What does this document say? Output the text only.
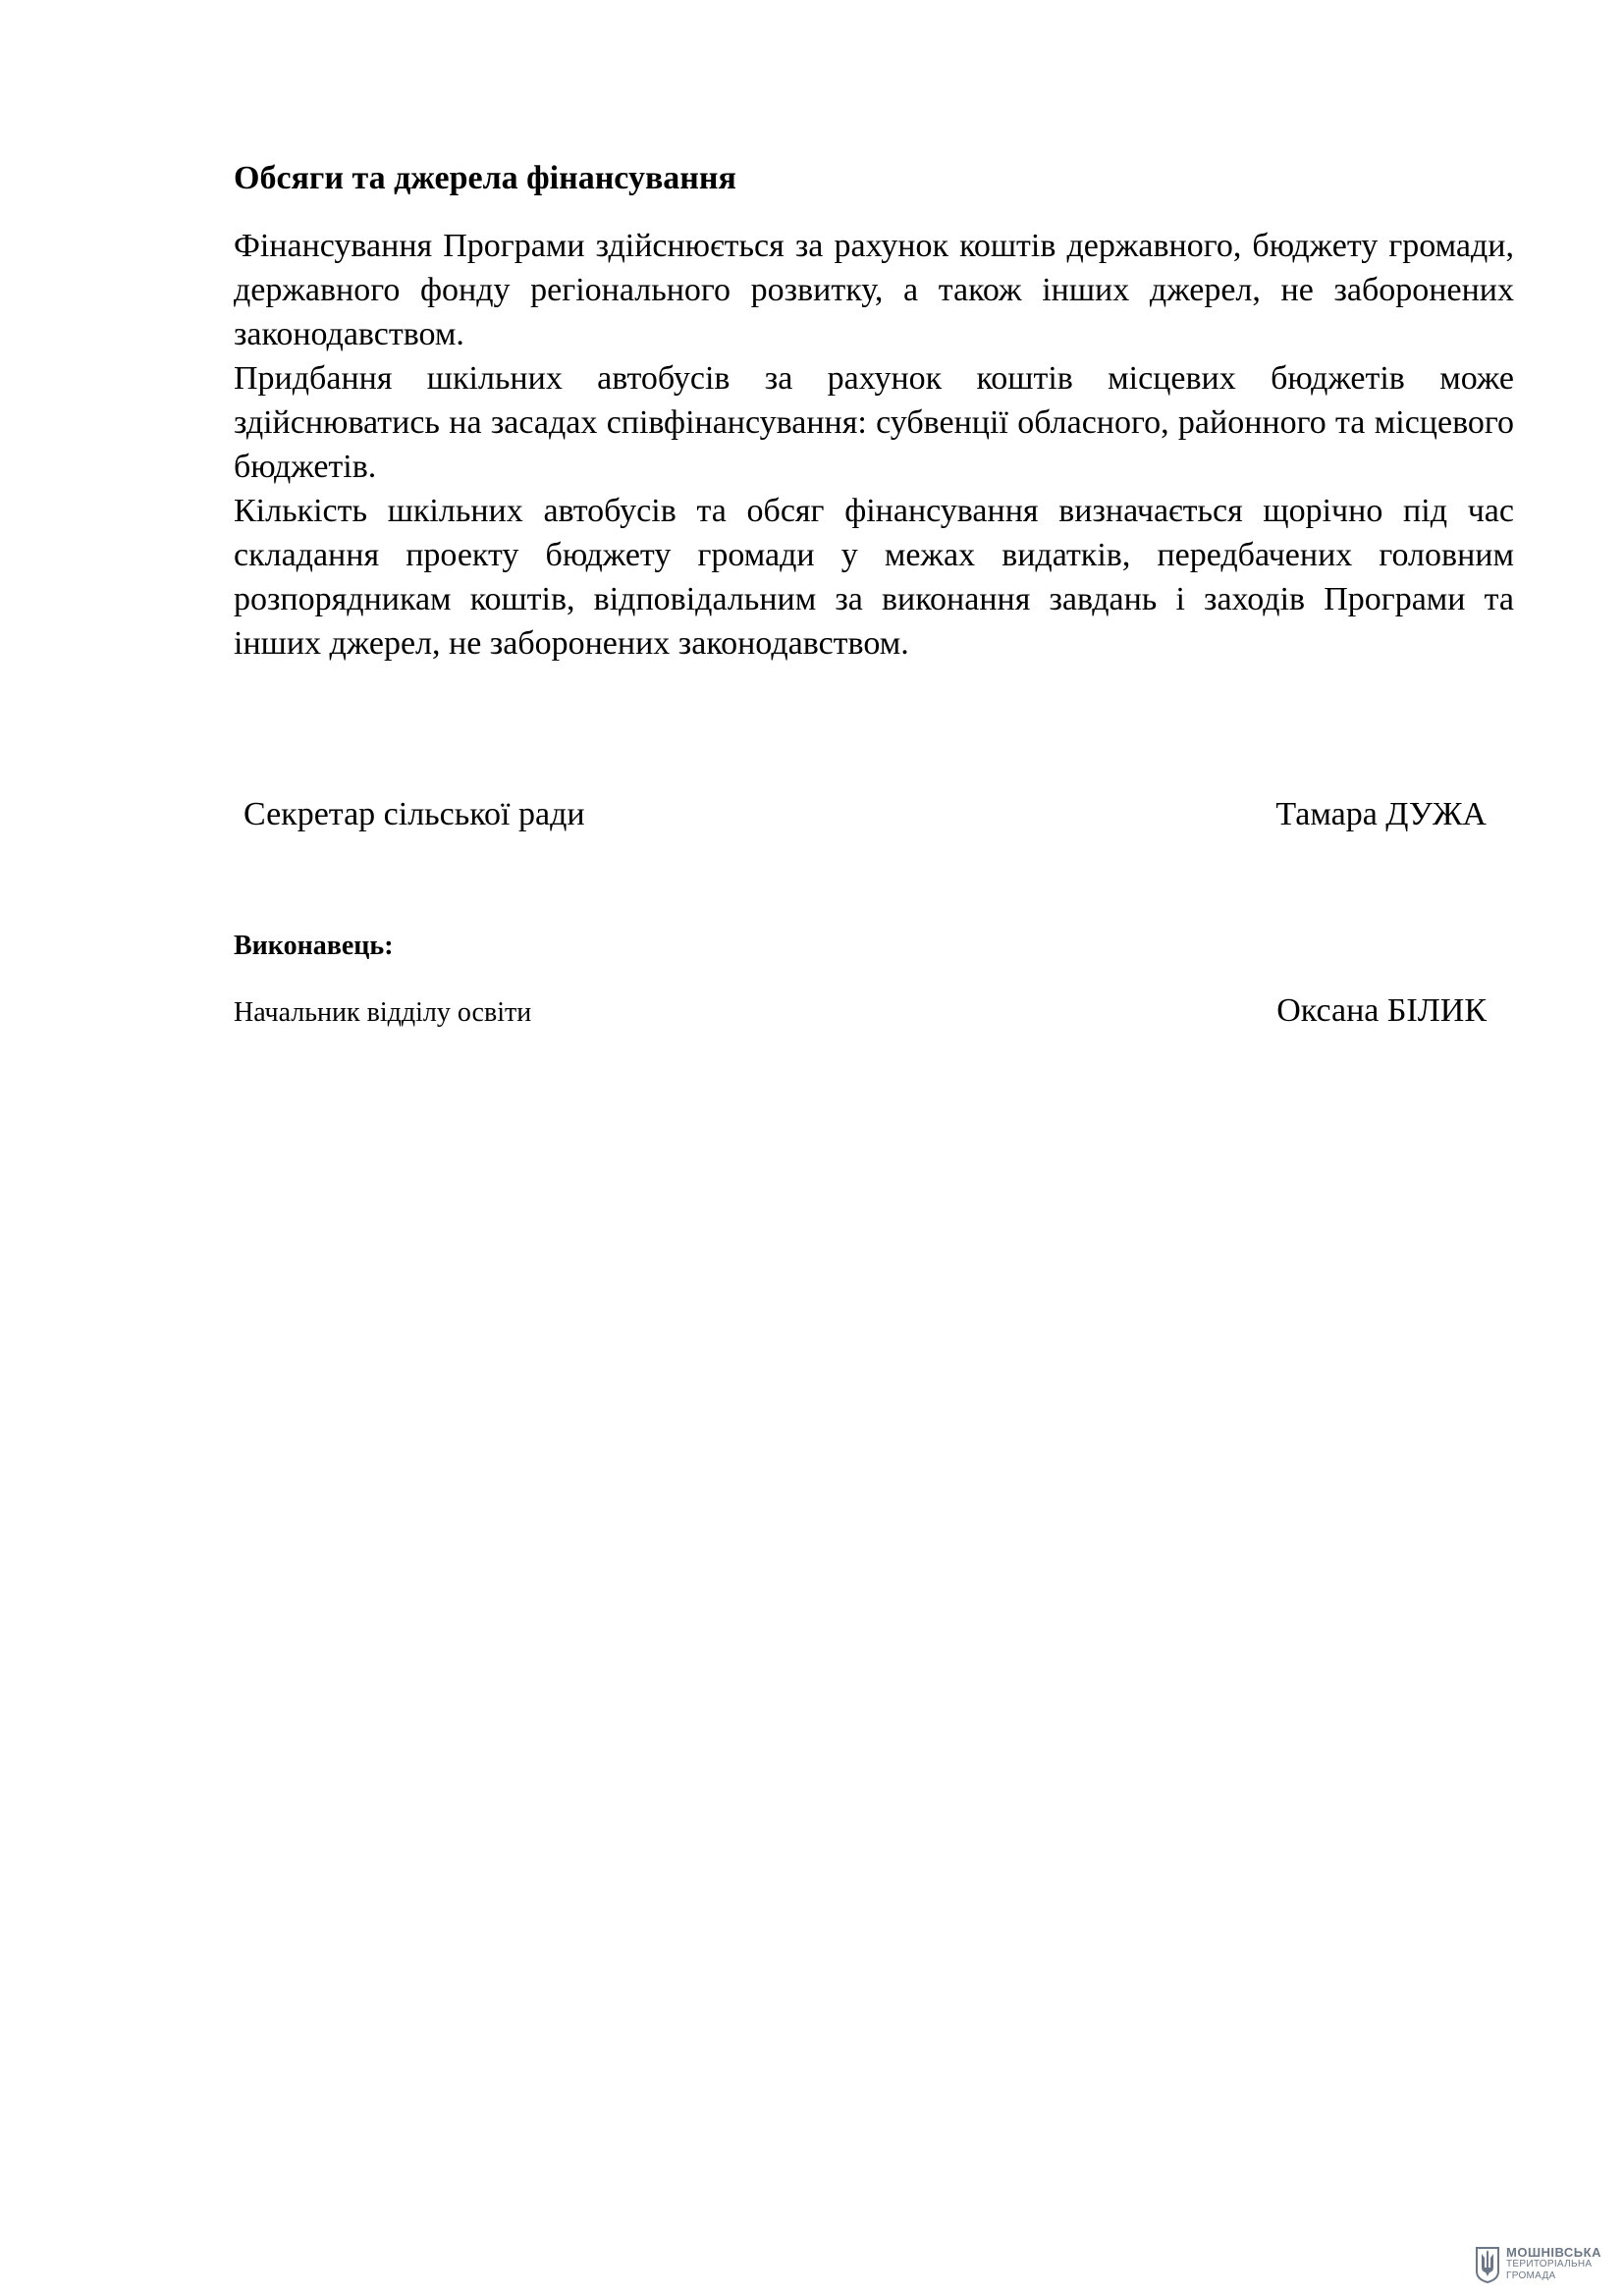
Обсяги та джерела фінансування

Фінансування Програми здійснюється за рахунок коштів державного, бюджету громади, державного фонду регіонального розвитку, а також інших джерел, не заборонених законодавством.

Придбання шкільних автобусів за рахунок коштів місцевих бюджетів може здійснюватись на засадах співфінансування: субвенції обласного, районного та місцевого бюджетів.

Кількість шкільних автобусів та обсяг фінансування визначається щорічно під час складання проекту бюджету громади у межах видатків, передбачених головним розпорядникам коштів, відповідальним за виконання завдань і заходів Програми та інших джерел, не заборонених законодавством.

Секретар сільської ради	Тамара ДУЖА
Виконавець:
Начальник відділу освіти	Оксана БІЛИК
МОШНІВСЬКА
ТЕРИТОРІАЛЬНА
ГРОМАДА
